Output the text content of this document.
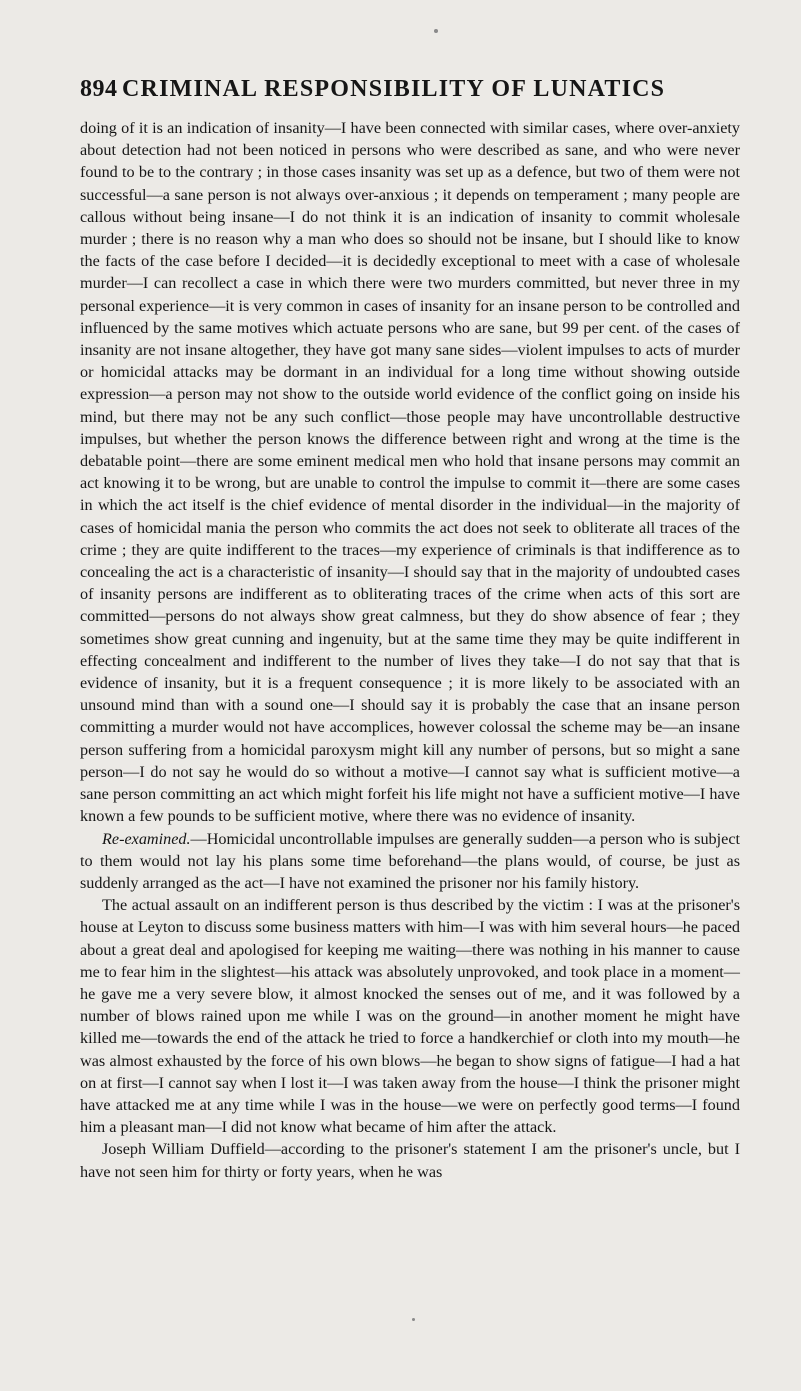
894 CRIMINAL RESPONSIBILITY OF LUNATICS

doing of it is an indication of insanity—I have been connected with similar cases, where over-anxiety about detection had not been noticed in persons who were described as sane, and who were never found to be to the contrary ; in those cases insanity was set up as a defence, but two of them were not successful—a sane person is not always over-anxious ; it depends on temperament ; many people are callous without being insane—I do not think it is an indication of insanity to commit wholesale murder ; there is no reason why a man who does so should not be insane, but I should like to know the facts of the case before I decided—it is decidedly exceptional to meet with a case of wholesale murder—I can recollect a case in which there were two murders committed, but never three in my personal experience—it is very common in cases of insanity for an insane person to be controlled and influenced by the same motives which actuate persons who are sane, but 99 per cent. of the cases of insanity are not insane altogether, they have got many sane sides—violent impulses to acts of murder or homicidal attacks may be dormant in an individual for a long time without showing outside expression—a person may not show to the outside world evidence of the conflict going on inside his mind, but there may not be any such conflict—those people may have uncontrollable destructive impulses, but whether the person knows the difference between right and wrong at the time is the debatable point—there are some eminent medical men who hold that insane persons may commit an act knowing it to be wrong, but are unable to control the impulse to commit it—there are some cases in which the act itself is the chief evidence of mental disorder in the individual—in the majority of cases of homicidal mania the person who commits the act does not seek to obliterate all traces of the crime ; they are quite indifferent to the traces—my experience of criminals is that indifference as to concealing the act is a characteristic of insanity—I should say that in the majority of undoubted cases of insanity persons are indifferent as to obliterating traces of the crime when acts of this sort are committed—persons do not always show great calmness, but they do show absence of fear ; they sometimes show great cunning and ingenuity, but at the same time they may be quite indifferent in effecting concealment and indifferent to the number of lives they take—I do not say that that is evidence of insanity, but it is a frequent consequence ; it is more likely to be associated with an unsound mind than with a sound one—I should say it is probably the case that an insane person committing a murder would not have accomplices, however colossal the scheme may be—an insane person suffering from a homicidal paroxysm might kill any number of persons, but so might a sane person—I do not say he would do so without a motive—I cannot say what is sufficient motive—a sane person committing an act which might forfeit his life might not have a sufficient motive—I have known a few pounds to be sufficient motive, where there was no evidence of insanity.

Re-examined.—Homicidal uncontrollable impulses are generally sudden—a person who is subject to them would not lay his plans some time beforehand—the plans would, of course, be just as suddenly arranged as the act—I have not examined the prisoner nor his family history.

The actual assault on an indifferent person is thus described by the victim : I was at the prisoner's house at Leyton to discuss some business matters with him—I was with him several hours—he paced about a great deal and apologised for keeping me waiting—there was nothing in his manner to cause me to fear him in the slightest—his attack was absolutely unprovoked, and took place in a moment—he gave me a very severe blow, it almost knocked the senses out of me, and it was followed by a number of blows rained upon me while I was on the ground—in another moment he might have killed me—towards the end of the attack he tried to force a handkerchief or cloth into my mouth—he was almost exhausted by the force of his own blows—he began to show signs of fatigue—I had a hat on at first—I cannot say when I lost it—I was taken away from the house—I think the prisoner might have attacked me at any time while I was in the house—we were on perfectly good terms—I found him a pleasant man—I did not know what became of him after the attack.

Joseph William Duffield—according to the prisoner's statement I am the prisoner's uncle, but I have not seen him for thirty or forty years, when he was
